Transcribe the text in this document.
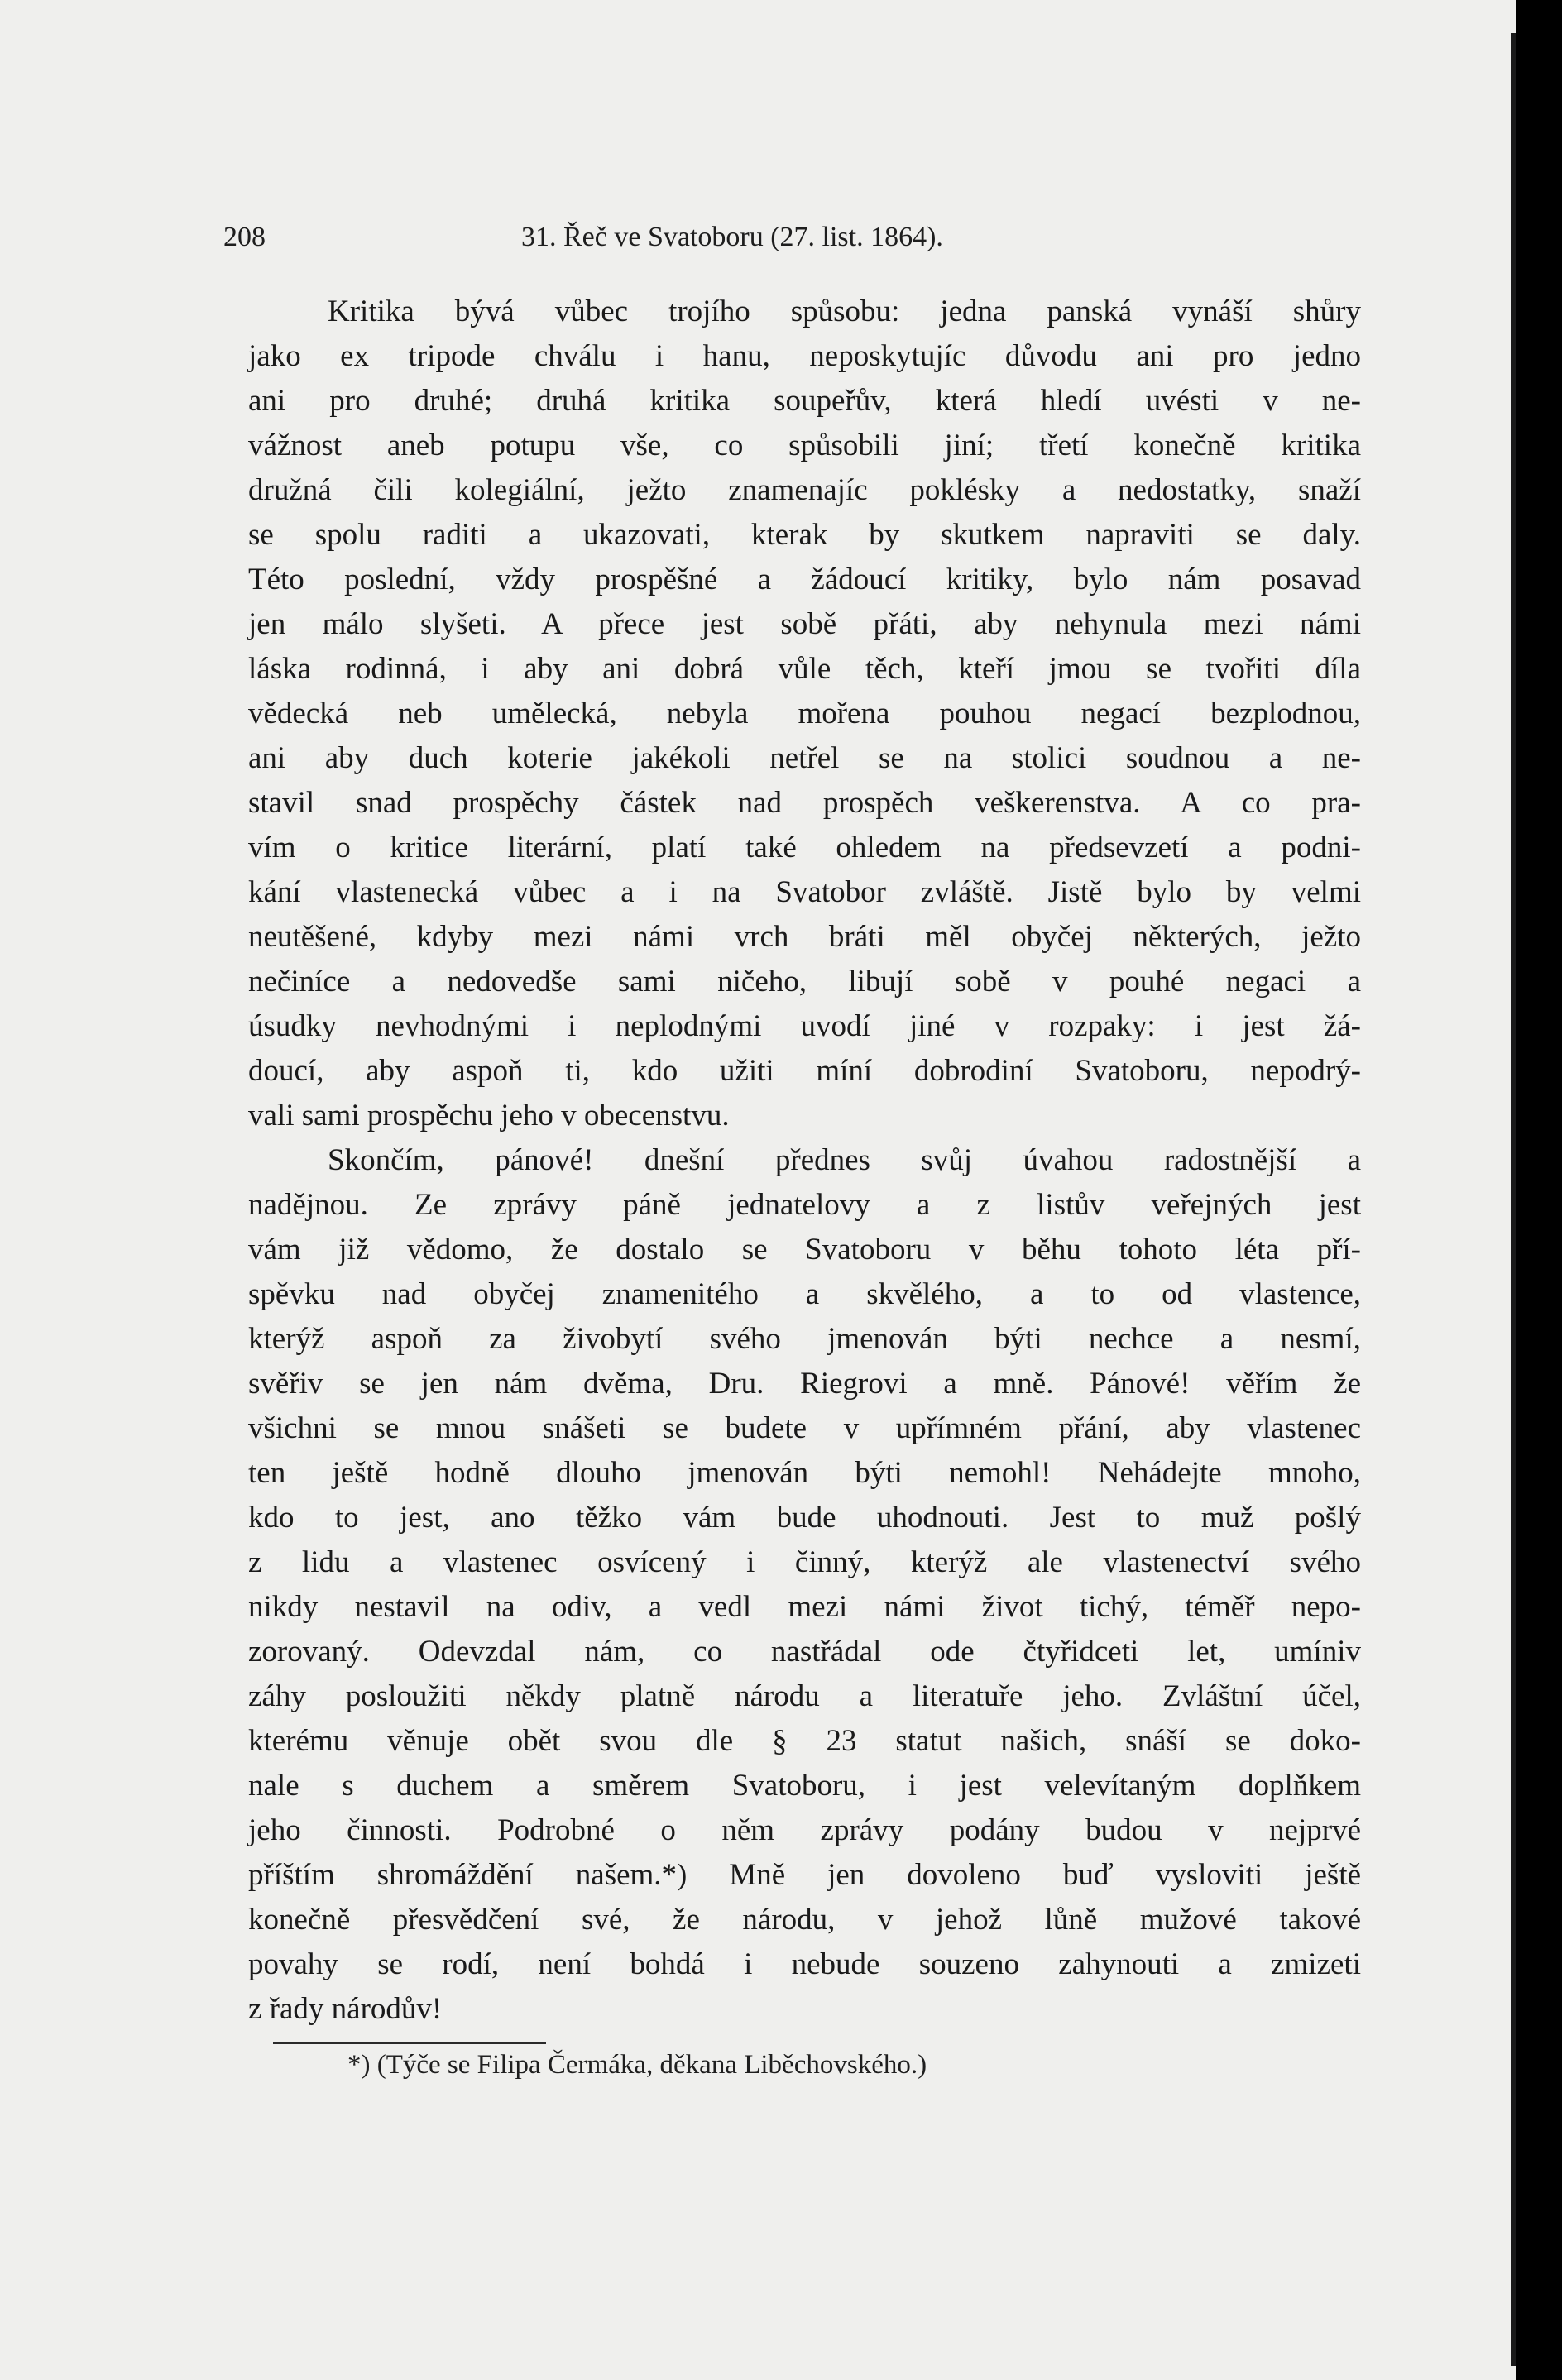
208	31. Řeč ve Svatoboru (27. list. 1864).
Kritika bývá vůbec trojího spůsobu: jedna panská vynáší shůry
jako ex tripode chválu i hanu, neposkytujíc důvodu ani pro jedno
ani pro druhé; druhá kritika soupeřův, která hledí uvésti v ne-
vážnost aneb potupu vše, co spůsobili jiní; třetí konečně kritika
družná čili kolegiální, ježto znamenajíc poklésky a nedostatky, snaží
se spolu raditi a ukazovati, kterak by skutkem napraviti se daly.
Této poslední, vždy prospěšné a žádoucí kritiky, bylo nám posavad
jen málo slyšeti. A přece jest sobě přáti, aby nehynula mezi námi
láska rodinná, i aby ani dobrá vůle těch, kteří jmou se tvořiti díla
vědecká neb umělecká, nebyla mořena pouhou negací bezplodnou,
ani aby duch koterie jakékoli netřel se na stolici soudnou a ne-
stavil snad prospěchy částek nad prospěch veškerenstva. A co pra-
vím o kritice literární, platí také ohledem na předsevzetí a podni-
kání vlastenecká vůbec a i na Svatobor zvláště. Jistě bylo by velmi
neutěšené, kdyby mezi námi vrch bráti měl obyčej některých, ježto
nečiníce a nedovedše sami ničeho, libují sobě v pouhé negaci a
úsudky nevhodnými i neplodnými uvodí jiné v rozpaky: i jest žá-
doucí, aby aspoň ti, kdo užiti míní dobrodiní Svatoboru, nepodrý-
vali sami prospěchu jeho v obecenstvu.
Skončím, pánové! dnešní přednes svůj úvahou radostnější a
nadějnou. Ze zprávy páně jednatelovy a z listův veřejných jest
vám již vědomo, že dostalo se Svatoboru v běhu tohoto léta pří-
spěvku nad obyčej znamenitého a skvělého, a to od vlastence,
kterýž aspoň za živobytí svého jmenován býti nechce a nesmí,
svěřiv se jen nám dvěma, Dru. Riegrovi a mně. Pánové! věřím že
všichni se mnou snášeti se budete v upřímném přání, aby vlastenec
ten ještě hodně dlouho jmenován býti nemohl! Nehádejte mnoho,
kdo to jest, ano těžko vám bude uhodnouti. Jest to muž pošlý
z lidu a vlastenec osvícený i činný, kterýž ale vlastenectví svého
nikdy nestavil na odiv, a vedl mezi námi život tichý, téměř nepo-
zorovaný. Odevzdal nám, co nastřádal ode čtyřidceti let, umíniv
záhy posloužiti někdy platně národu a literatuře jeho. Zvláštní účel,
kterému věnuje obět svou dle § 23 statut našich, snáší se doko-
nale s duchem a směrem Svatoboru, i jest velevítaným doplňkem
jeho činnosti. Podrobné o něm zprávy podány budou v nejprvé
příštím shromáždění našem.*) Mně jen dovoleno buď vysloviti ještě
konečně přesvědčení své, že národu, v jehož lůně mužové takové
povahy se rodí, není bohdá i nebude souzeno zahynouti a zmizeti
z řady národův!
*) (Týče se Filipa Čermáka, děkana Liběchovského.)
